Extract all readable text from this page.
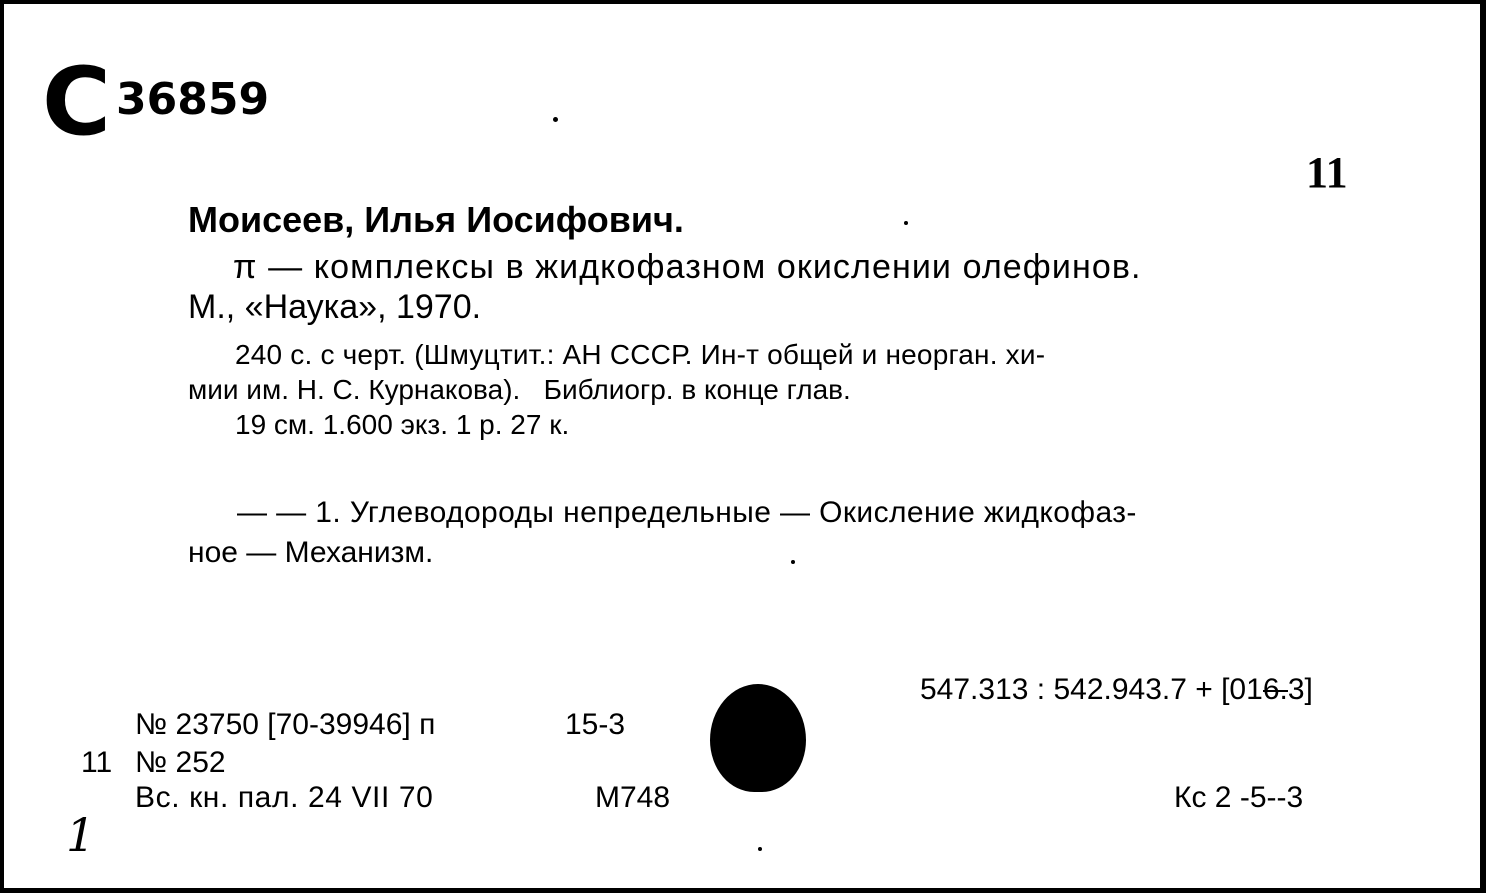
C 36859
11
Моисеев, Илья Иосифович.
π — комплексы в жидкофазном окислении олефинов.
М., «Наука», 1970.
240 с. с черт. (Шмуцтит.: АН СССР. Ин-т общей и неорган. хи-
мии им. Н. С. Курнакова).   Библиогр. в конце глав.
19 см. 1.600 экз. 1 р. 27 к.
— — 1. Углеводороды непредельные — Окисление жидкофаз-
ное — Механизм.
547.313 : 542.943.7 + [016.3]
№ 23750 [70-39946] п	15-3
11 № 252
Вс. кн. пал. 24 VII 70	М748	Кс 2 -5--3
1
